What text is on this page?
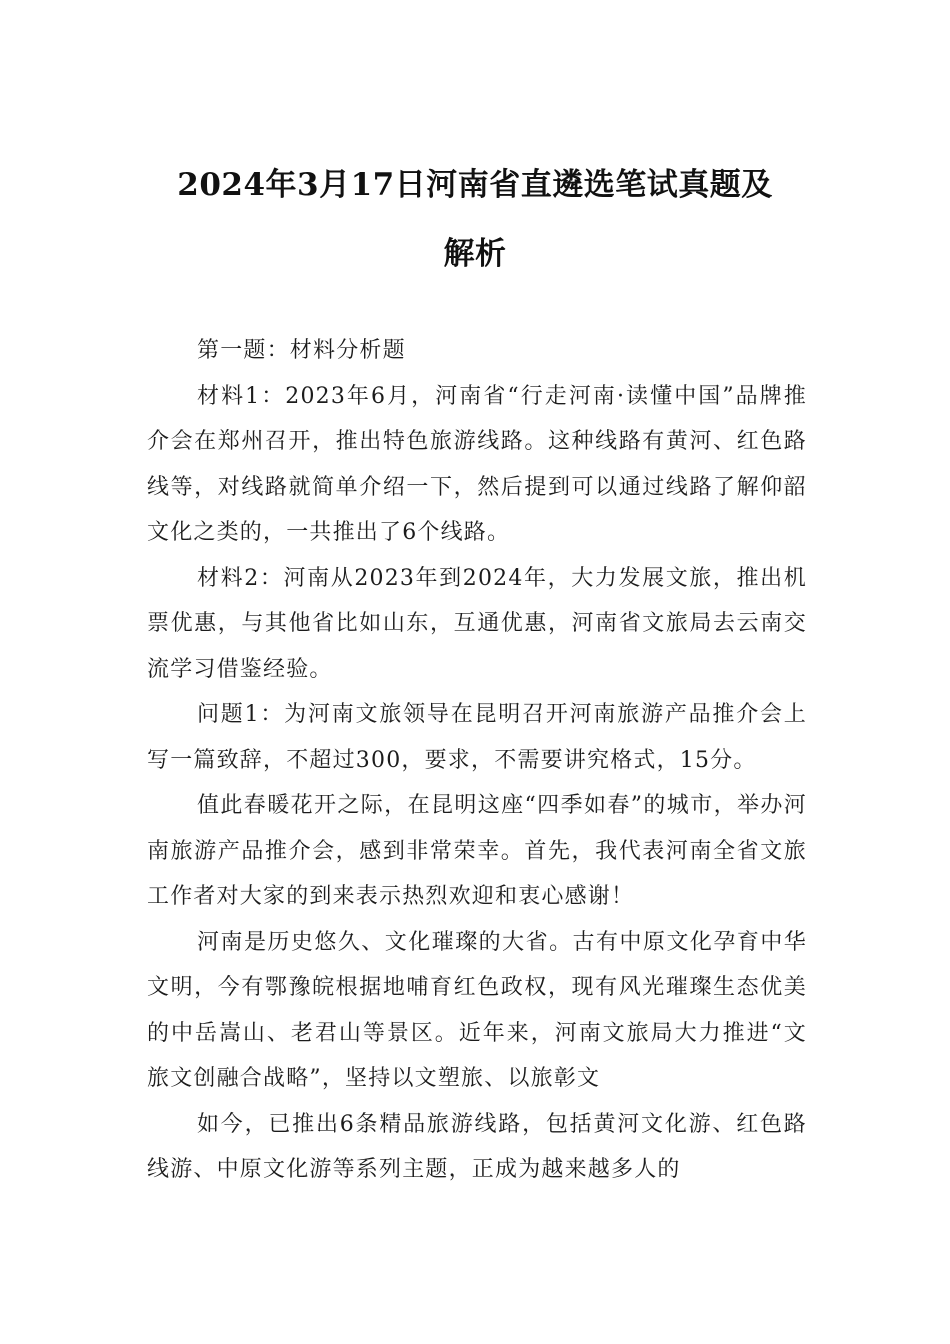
2024年3月17日河南省直遴选笔试真题及
解析

第一题：材料分析题

材料1：2023年6月，河南省“行走河南·读懂中国”品牌推介会在郑州召开，推出特色旅游线路。这种线路有黄河、红色路线等，对线路就简单介绍一下，然后提到可以通过线路了解仰韶文化之类的，一共推出了6个线路。

材料2：河南从2023年到2024年，大力发展文旅，推出机票优惠，与其他省比如山东，互通优惠，河南省文旅局去云南交流学习借鉴经验。

问题1：为河南文旅领导在昆明召开河南旅游产品推介会上写一篇致辞，不超过300，要求，不需要讲究格式，15分。

值此春暖花开之际，在昆明这座“四季如春”的城市，举办河南旅游产品推介会，感到非常荣幸。首先，我代表河南全省文旅工作者对大家的到来表示热烈欢迎和衷心感谢！

河南是历史悠久、文化璀璨的大省。古有中原文化孕育中华文明，今有鄂豫皖根据地哺育红色政权，现有风光璀璨生态优美的中岳嵩山、老君山等景区。近年来，河南文旅局大力推进“文旅文创融合战略”，坚持以文塑旅、以旅彰文

如今，已推出6条精品旅游线路，包括黄河文化游、红色路线游、中原文化游等系列主题，正成为越来越多人的
